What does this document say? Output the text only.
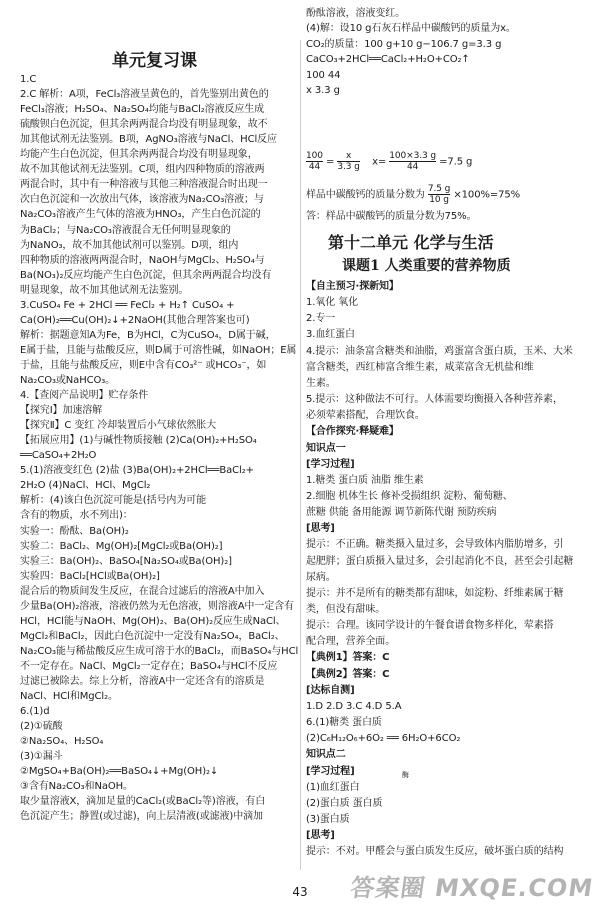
单元复习课
1.C
2.C 解析：A项，FeCl₃溶液呈黄色的，首先鉴别出黄色的
FeCl₃溶液；H₂SO₄、Na₂SO₄均能与BaCl₂溶液反应生成
硫酸钡白色沉淀，但其余两两混合均没有明显现象，故不
加其他试剂无法鉴别。B项，AgNO₃溶液与NaCl、HCl反应
均能产生白色沉淀，但其余两两混合均没有明显现象，
故不加其他试剂无法鉴别。C项，组内四种物质的溶液两
两混合时，其中有一种溶液与其他三种溶液混合时出现一
次白色沉淀和一次放出气体，该溶液为Na₂CO₃溶液；与
Na₂CO₃溶液产生气体的溶液为HNO₃，产生白色沉淀的
为BaCl₂；与Na₂CO₃溶液混合无任何明显现象的
为NaNO₃，故不加其他试剂可以鉴别。D项，组内
四种物质的溶液两两混合时，NaOH与MgCl₂、H₂SO₄与
Ba(NO₃)₂反应均能产生白色沉淀，但其余两两混合均没有
明显现象，故不加其他试剂无法鉴别。
3.CuSO₄ Fe + 2HCl ══ FeCl₂ + H₂↑ CuSO₄ +
Ca(OH)₂══Cu(OH)₂↓+2NaOH(其他合理答案也可)
解析：据题意知A为Fe，B为HCl，C为CuSO₄，D属于碱，
E属于盐，且能与盐酸反应，则D属于可溶性碱，如NaOH；E属
于盐，且能与盐酸反应，则E中含有CO₃²⁻ 或HCO₃⁻，如
Na₂CO₃或NaHCO₃。
4.【查阅产品说明】贮存条件
【探究Ⅰ】加速溶解
【探究Ⅱ】C 变红 冷却装置后小气球依然胀大
【拓展应用】(1)与碱性物质接触 (2)Ca(OH)₂+H₂SO₄
══CaSO₄+2H₂O
5.(1)溶液变红色 (2)盐 (3)Ba(OH)₂+2HCl══BaCl₂+
2H₂O (4)NaCl、HCl、MgCl₂
解析：(4)该白色沉淀可能是(括号内为可能
含有的物质，水不列出)：
实验一：酚酞、Ba(OH)₂
实验二：BaCl₂、Mg(OH)₂[MgCl₂或Ba(OH)₂]
实验三：Ba(OH)₂、BaSO₄[Na₂SO₄或Ba(OH)₂]
实验四：BaCl₂[HCl或Ba(OH)₂]
混合后的物质间发生反应，在混合过滤后的溶液A中加入
少量Ba(OH)₂溶液，溶液仍然为无色溶液，则溶液A中一定含有
HCl，HCl能与NaOH、Mg(OH)₂、Ba(OH)₂反应生成NaCl、
MgCl₂和BaCl₂，因此白色沉淀中一定没有Na₂SO₄，BaCl₂、
Na₂CO₃能与稀盐酸反应生成可溶于水的BaCl₂，而BaSO₄与HCl
不一定存在。NaCl、MgCl₂一定存在；BaSO₄与HCl不反应
过滤已被除去。综上分析，溶液A中一定还含有的溶质是
NaCl、HCl和MgCl₂。
6.(1)d
(2)①硫酸
②Na₂SO₄、H₂SO₄
(3)①漏斗
②MgSO₄+Ba(OH)₂══BaSO₄↓+Mg(OH)₂↓
③含有Na₂CO₃和NaOH。
取少量溶液X，滴加足量的CaCl₂(或BaCl₂等)溶液，有白
色沉淀产生；静置(或过滤)，向上层清液(或滤液)中滴加
酚酞溶液，溶液变红。
(4)解：设10 g石灰石样品中碳酸钙的质量为x。
CO₂的质量：100 g+10 g−106.7 g=3.3 g
CaCO₃+2HCl══CaCl₂+H₂O+CO₂↑
100 44
x 3.3 g
$\frac{100}{44} = \frac{x}{3.3 g} x= \frac{100\times 3.3 g}{44} =7.5$ g
样品中碳酸钙的质量分数为 $\frac{7.5 g}{10 g} \times 100\%=75\%$
答：样品中碳酸钙的质量分数为75%。
第十二单元 化学与生活
课题1 人类重要的营养物质
【自主预习·探新知】
1.氧化 氧化
2.专一
3.血红蛋白
4.提示：油条富含糖类和油脂，鸡蛋富含蛋白质，玉米、大米
富含糖类，西红柿富含维生素，咸菜富含无机盐和维
生素。
5.提示：这种做法不可行。人体需要均衡摄入各种营养素，
必须荤素搭配，合理饮食。
【合作探究·释疑难】
知识点一
[学习过程]
1.糖类 蛋白质 油脂 维生素
2.细胞 机体生长 修补受损组织 淀粉、葡萄糖、
蔗糖 供能 备用能源 调节新陈代谢 预防疾病
[思考]
提示：不正确。糖类摄入量过多，会导致体内脂肪增多，引
起肥胖；蛋白质摄入量过多，会引起消化不良，甚至会引起糖
尿病。
提示：并不是所有的糖类都有甜味，如淀粉、纤维素属于糖
类，但没有甜味。
提示：合理。该同学设计的午餐食谱食物多样化，荤素搭
配合理，营养全面。
【典例1】答案：C
【典例2】答案：C
[达标自测]
1.D 2.D 3.C 4.D 5.A
6.(1)糖类 蛋白质
(2)C₆H₁₂O₆+6O₂ ══ 6H₂O+6CO₂
知识点二
[学习过程]
(1)血红蛋白
(2)蛋白质 蛋白质
(3)蛋白质
[思考]
提示：不对。甲醛会与蛋白质发生反应，破坏蛋白质的结构
酶
43	答案圈 MXQE.COM
